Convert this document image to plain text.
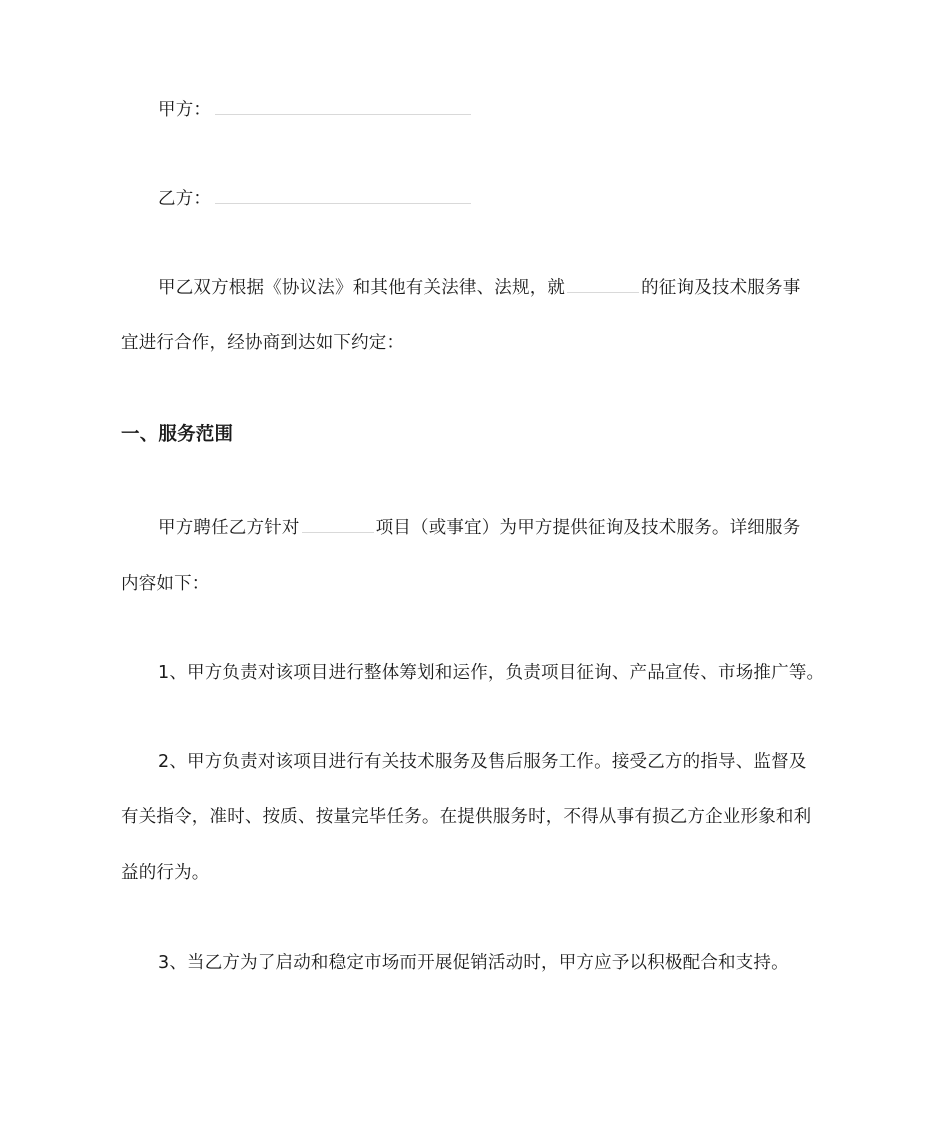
甲方：
乙方：
甲乙双方根据《协议法》和其他有关法律、法规，就	的征询及技术服务事
宜进行合作，经协商到达如下约定：
一、服务范围
甲方聘任乙方针对	项目（或事宜）为甲方提供征询及技术服务。详细服务
内容如下：
1、甲方负责对该项目进行整体筹划和运作，负责项目征询、产品宣传、市场推广等。
2、甲方负责对该项目进行有关技术服务及售后服务工作。接受乙方的指导、监督及
有关指令，准时、按质、按量完毕任务。在提供服务时，不得从事有损乙方企业形象和利
益的行为。
3、当乙方为了启动和稳定市场而开展促销活动时，甲方应予以积极配合和支持。
